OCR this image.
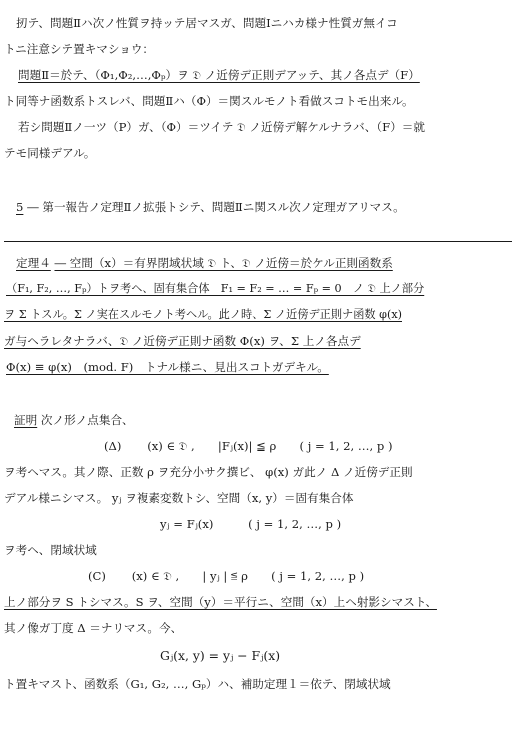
扨テ、問題Ⅱハ次ノ性質ヲ持ッテ居マスガ、問題Ⅰニハカ様ナ性質ガ無イコ
トニ注意シテ置キマショウ：
問題Ⅱ＝於テ、（Φ₁,Φ₂,…,Φₚ）ヲ 𝔇 ノ近傍デ正則デアッテ、其ノ各点デ（F）
ト同等ナ函数系トスレバ、問題Ⅱハ（Φ）＝関スルモノト看做スコトモ出来ル。
若シ問題Ⅱノ一ツ（P）ガ、（Φ）＝ツイテ 𝔇 ノ近傍デ解ケルナラバ、（F）＝就
テモ同様デアル。
5 ― 第一報告ノ定理Ⅱノ拡張トシテ、問題Ⅱニ関スル次ノ定理ガアリマス。
定理４ ― 空間（x）＝有界閉域状域 𝔇 ト、𝔇 ノ近傍＝於ケル正則函数系
（F₁, F₂, …, Fₚ）トヲ考ヘ、固有集合体　F₁ = F₂ = … = Fₚ = 0　ノ 𝔇 上ノ部分
ヲ Σ トスル。Σ ノ実在スルモノト考ヘル。此ノ時、Σ ノ近傍デ正則ナ函数 φ(x)
ガ与ヘラレタナラバ、𝔇 ノ近傍デ正則ナ函数 Φ(x) ヲ、Σ 上ノ各点デ
Φ(x) ≡ φ(x)　(mod. F)　トナル様ニ、見出スコトガデキル。
証明 次ノ形ノ点集合、
(Δ) (x) ∈ 𝔇 ,　　|Fⱼ(x)| ≦ ρ　　( j = 1, 2, …, p )
ヲ考ヘマス。其ノ際、正数 ρ ヲ充分小サク撰ビ、 φ(x) ガ此ノ Δ ノ近傍デ正則
デアル様ニシマス。 yⱼ ヲ複素変数トシ、空間（x, y）＝固有集合体
yⱼ = Fⱼ(x)　　　( j = 1, 2, …, p )
ヲ考ヘ、閉域状域
(C) (x) ∈ 𝔇 ,　　| yⱼ | ≦ ρ　　( j = 1, 2, …, p )
上ノ部分ヲ S トシマス。S ヲ、空間（y）＝平行ニ、空間（x）上ヘ射影シマスト、
其ノ像ガ丁度 Δ ＝ナリマス。今、
Gⱼ(x, y) = yⱼ − Fⱼ(x)
ト置キマスト、函数系（G₁, G₂, …, Gₚ）ハ、補助定理１＝依テ、閉域状域
